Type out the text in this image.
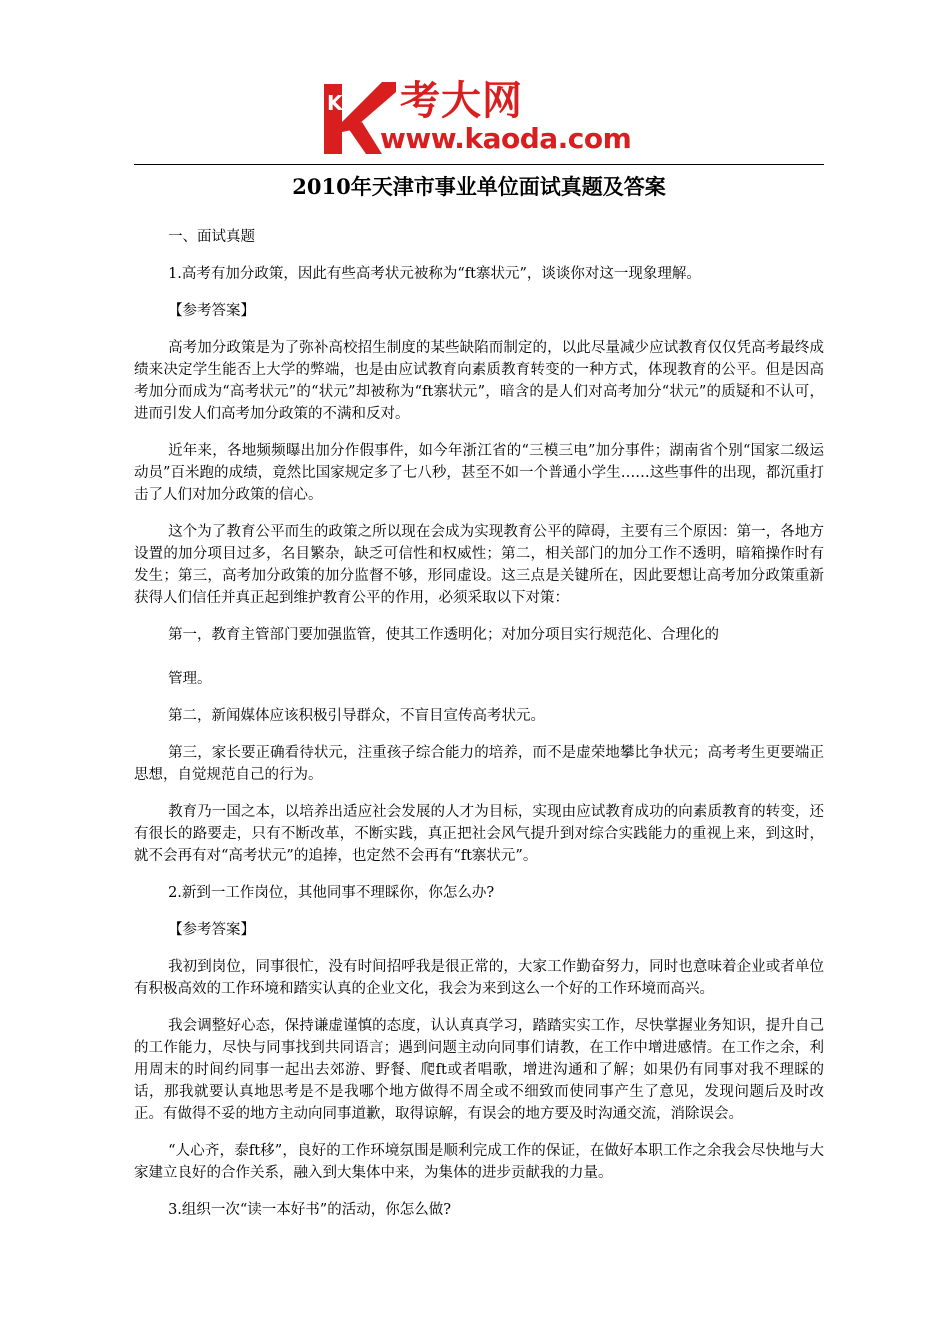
K 考大网
www.kaoda.com
2010年天津市事业单位面试真题及答案

一、面试真题

1.高考有加分政策，因此有些高考状元被称为“ft寨状元”，谈谈你对这一现象理解。

【参考答案】

高考加分政策是为了弥补高校招生制度的某些缺陷而制定的，以此尽量减少应试教育仅仅凭高考最终成绩来决定学生能否上大学的弊端，也是由应试教育向素质教育转变的一种方式，体现教育的公平。但是因高考加分而成为“高考状元”的“状元”却被称为“ft寨状元”，暗含的是人们对高考加分“状元”的质疑和不认可，进而引发人们高考加分政策的不满和反对。

近年来，各地频频曝出加分作假事件，如今年浙江省的“三模三电”加分事件；湖南省个别“国家二级运动员”百米跑的成绩，竟然比国家规定多了七八秒，甚至不如一个普通小学生……这些事件的出现，都沉重打击了人们对加分政策的信心。

这个为了教育公平而生的政策之所以现在会成为实现教育公平的障碍，主要有三个原因：第一，各地方设置的加分项目过多，名目繁杂，缺乏可信性和权威性；第二，相关部门的加分工作不透明，暗箱操作时有发生；第三，高考加分政策的加分监督不够，形同虚设。这三点是关键所在，因此要想让高考加分政策重新获得人们信任并真正起到维护教育公平的作用，必须采取以下对策：

第一，教育主管部门要加强监管，使其工作透明化；对加分项目实行规范化、合理化的

管理。

第二，新闻媒体应该积极引导群众，不盲目宣传高考状元。

第三，家长要正确看待状元，注重孩子综合能力的培养，而不是虚荣地攀比争状元；高考考生更要端正思想，自觉规范自己的行为。

教育乃一国之本，以培养出适应社会发展的人才为目标，实现由应试教育成功的向素质教育的转变，还有很长的路要走，只有不断改革，不断实践，真正把社会风气提升到对综合实践能力的重视上来，到这时，就不会再有对“高考状元”的追捧，也定然不会再有“ft寨状元”。

2.新到一工作岗位，其他同事不理睬你，你怎么办?

【参考答案】

我初到岗位，同事很忙，没有时间招呼我是很正常的，大家工作勤奋努力，同时也意味着企业或者单位有积极高效的工作环境和踏实认真的企业文化，我会为来到这么一个好的工作环境而高兴。

我会调整好心态，保持谦虚谨慎的态度，认认真真学习，踏踏实实工作，尽快掌握业务知识，提升自己的工作能力，尽快与同事找到共同语言；遇到问题主动向同事们请教，在工作中增进感情。在工作之余，利用周末的时间约同事一起出去郊游、野餐、爬ft或者唱歌，增进沟通和了解；如果仍有同事对我不理睬的话，那我就要认真地思考是不是我哪个地方做得不周全或不细致而使同事产生了意见，发现问题后及时改正。有做得不妥的地方主动向同事道歉，取得谅解，有误会的地方要及时沟通交流，消除误会。

“人心齐，泰ft移”，良好的工作环境氛围是顺利完成工作的保证，在做好本职工作之余我会尽快地与大家建立良好的合作关系，融入到大集体中来，为集体的进步贡献我的力量。

3.组织一次“读一本好书”的活动，你怎么做?
